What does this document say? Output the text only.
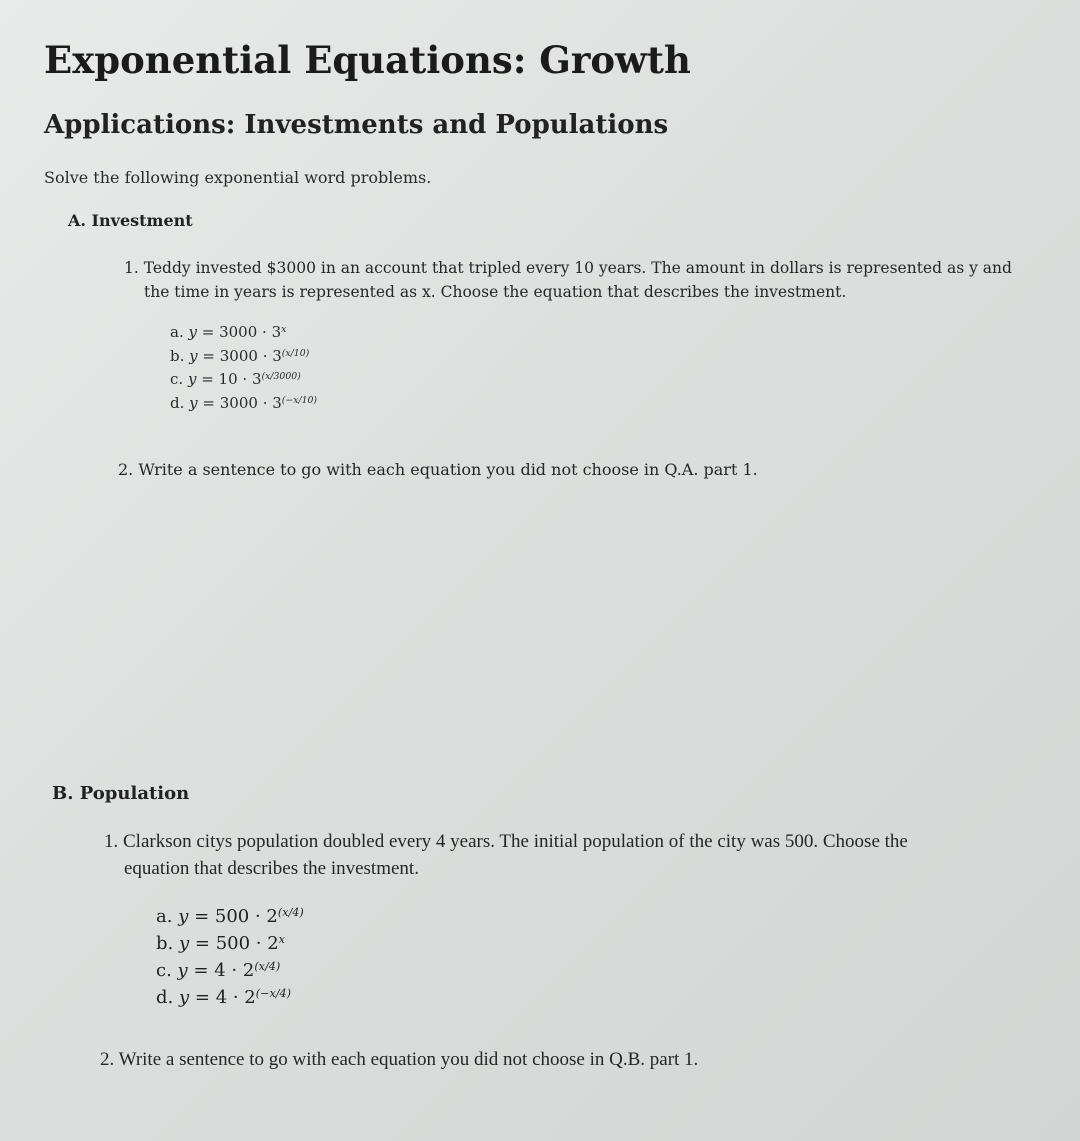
Exponential Equations: Growth
Applications: Investments and Populations
Solve the following exponential word problems.
A. Investment
1. Teddy invested $3000 in an account that tripled every 10 years. The amount in dollars is represented as y and
the time in years is represented as x. Choose the equation that describes the investment.
a. $y = 3000 \cdot 3^x$
b. $y = 3000 \cdot 3^{(x/10)}$
c. $y = 10 \cdot 3^{(x/3000)}$
d. $y = 3000 \cdot 3^{(-x/10)}$
2. Write a sentence to go with each equation you did not choose in Q.A. part 1.
B. Population
1. Clarkson citys population doubled every 4 years. The initial population of the city was 500. Choose the
equation that describes the investment.
a. $y = 500 \cdot 2^{(x/4)}$
b. $y = 500 \cdot 2^x$
c. $y = 4 \cdot 2^{(x/4)}$
d. $y = 4 \cdot 2^{(-x/4)}$
2. Write a sentence to go with each equation you did not choose in Q.B. part 1.
